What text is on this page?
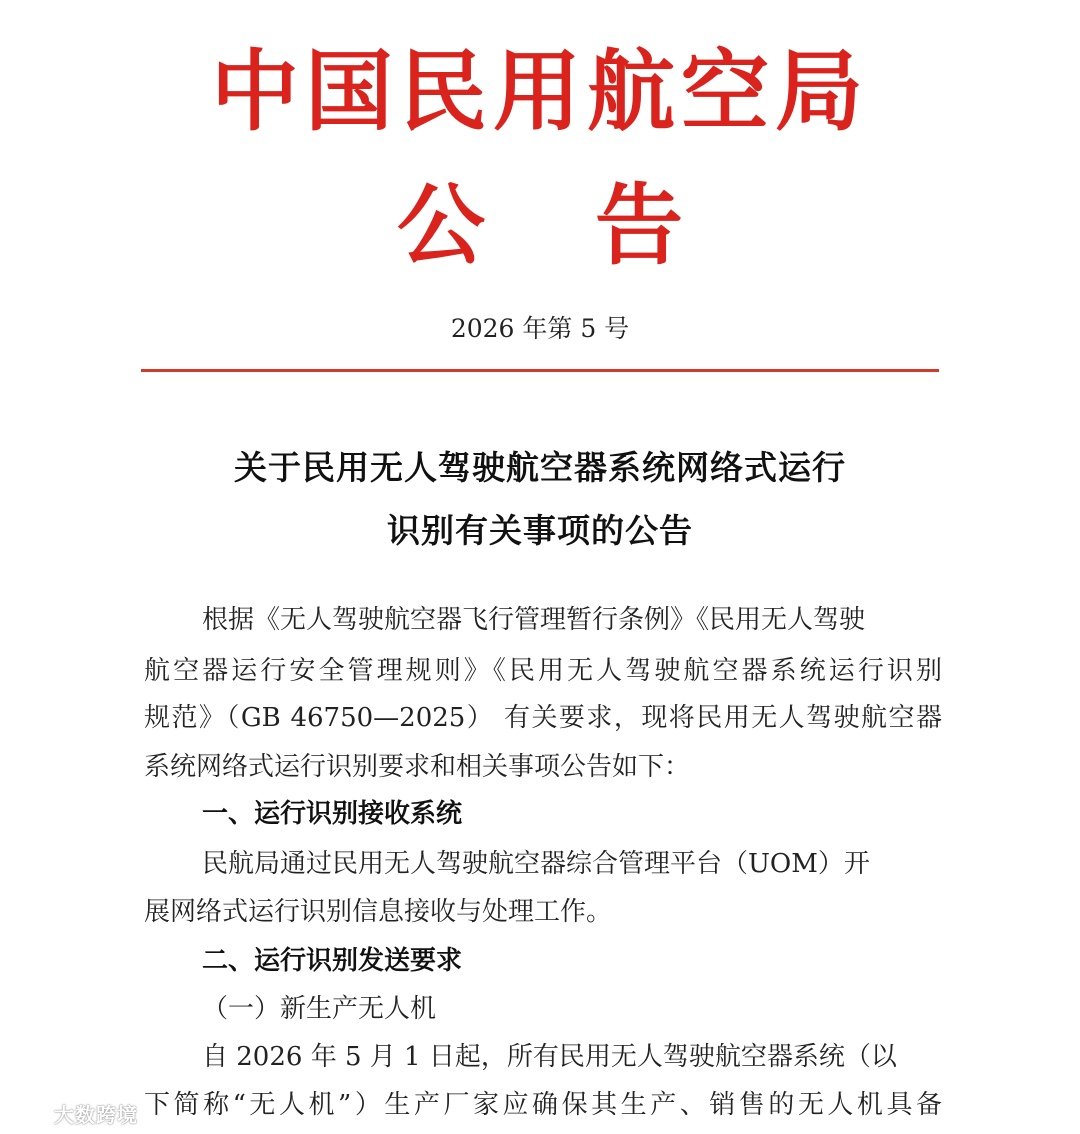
中国民用航空局
公告
2026 年第 5 号
关于民用无人驾驶航空器系统网络式运行
识别有关事项的公告
根据《无人驾驶航空器飞行管理暂行条例》《民用无人驾驶
航空器运行安全管理规则》《民用无人驾驶航空器系统运行识别
规范》（GB 46750—2025） 有关要求，现将民用无人驾驶航空器
系统网络式运行识别要求和相关事项公告如下：
一、运行识别接收系统
民航局通过民用无人驾驶航空器综合管理平台（UOM）开
展网络式运行识别信息接收与处理工作。
二、运行识别发送要求
（一）新生产无人机
自 2026 年 5 月 1 日起，所有民用无人驾驶航空器系统（以
下简称“无人机”）生产厂家应确保其生产、销售的无人机具备
大数跨境
